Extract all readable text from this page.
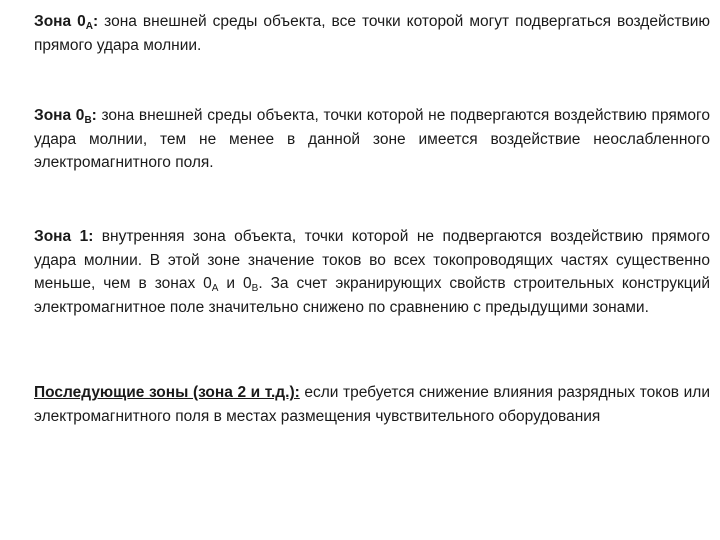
Зона $0_А$: зона внешней среды объекта, все точки которой могут подвергаться воздействию прямого удара молнии.

Зона $0_В$: зона внешней среды объекта, точки которой не подвергаются воздействию прямого удара молнии, тем не менее в данной зоне имеется воздействие неослабленного электромагнитного поля.

Зона 1: внутренняя зона объекта, точки которой не подвергаются воздействию прямого удара молнии. В этой зоне значение токов во всех токопроводящих частях существенно меньше, чем в зонах $0_А$ и $0_В$. За счет экранирующих свойств строительных конструкций электромагнитное поле значительно снижено по сравнению с предыдущими зонами.

Последующие зоны (зона 2 и т.д.): если требуется снижение влияния разрядных токов или электромагнитного поля в местах размещения чувствительного оборудования
